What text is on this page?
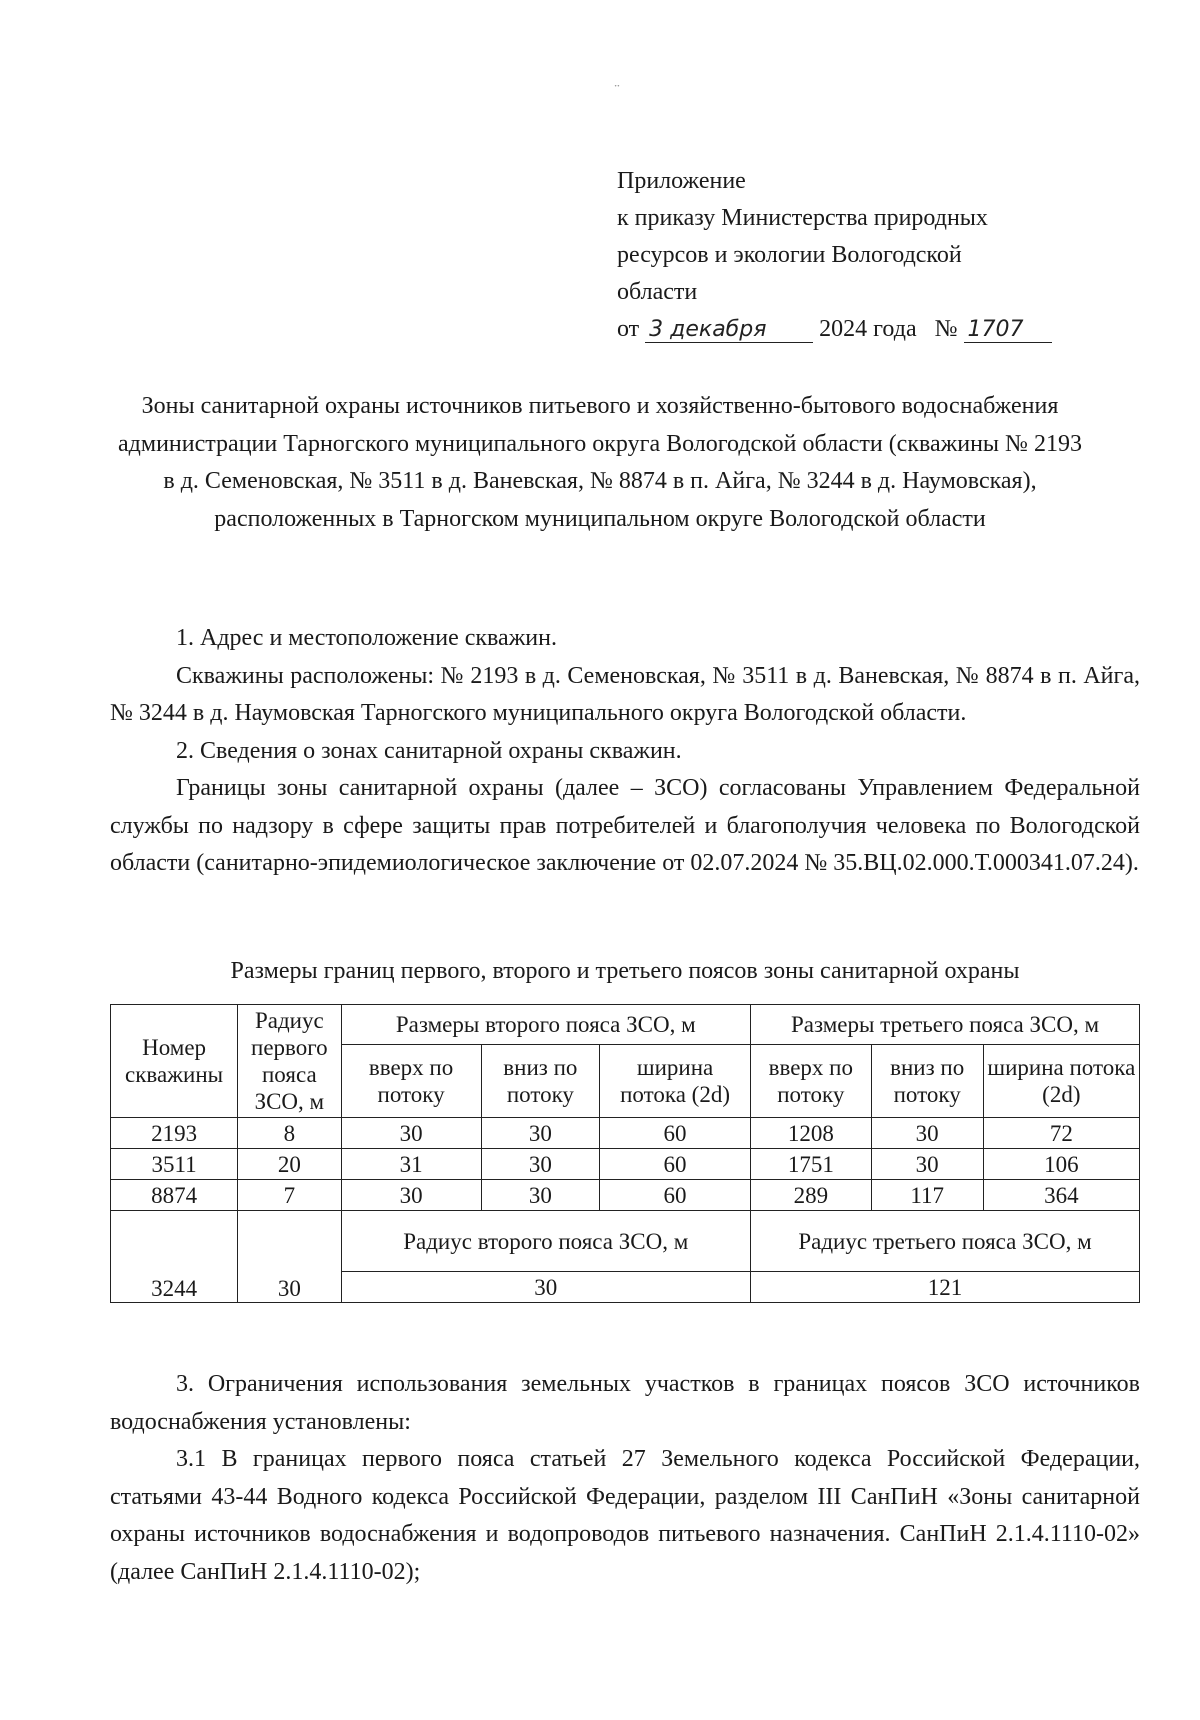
Приложение
к приказу Министерства природных
ресурсов и экологии Вологодской
области
от 3 декабря 2024 года № 1707
Зоны санитарной охраны источников питьевого и хозяйственно-бытового водоснабжения администрации Тарногского муниципального округа Вологодской области (скважины № 2193 в д. Семеновская, № 3511 в д. Ваневская, № 8874 в п. Айга, № 3244 в д. Наумовская), расположенных в Тарногском муниципальном округе Вологодской области

1. Адрес и местоположение скважин.

Скважины расположены: № 2193 в д. Семеновская, № 3511 в д. Ваневская, № 8874 в п. Айга, № 3244 в д. Наумовская Тарногского муниципального округа Вологодской области.

2. Сведения о зонах санитарной охраны скважин.

Границы зоны санитарной охраны (далее – ЗСО) согласованы Управлением Федеральной службы по надзору в сфере защиты прав потребителей и благополучия человека по Вологодской области (санитарно-эпидемиологическое заключение от 02.07.2024 № 35.ВЦ.02.000.Т.000341.07.24).

Размеры границ первого, второго и третьего поясов зоны санитарной охраны
Номер скважины	Радиус первого пояса ЗСО, м	Размеры второго пояса ЗСО, м			Размеры третьего пояса ЗСО, м		
		вверх по потоку	вниз по потоку	ширина потока (2d)	вверх по потоку	вниз по потоку	ширина потока (2d)
2193	8	30	30	60	1208	30	72
3511	20	31	30	60	1751	30	106
8874	7	30	30	60	289	117	364
3244	30	Радиус второго пояса ЗСО, м			Радиус третьего пояса ЗСО, м		
		30			121		

3. Ограничения использования земельных участков в границах поясов ЗСО источников водоснабжения установлены:

3.1 В границах первого пояса статьей 27 Земельного кодекса Российской Федерации, статьями 43-44 Водного кодекса Российской Федерации, разделом III СанПиН «Зоны санитарной охраны источников водоснабжения и водопроводов питьевого назначения. СанПиН 2.1.4.1110-02» (далее СанПиН 2.1.4.1110-02);
